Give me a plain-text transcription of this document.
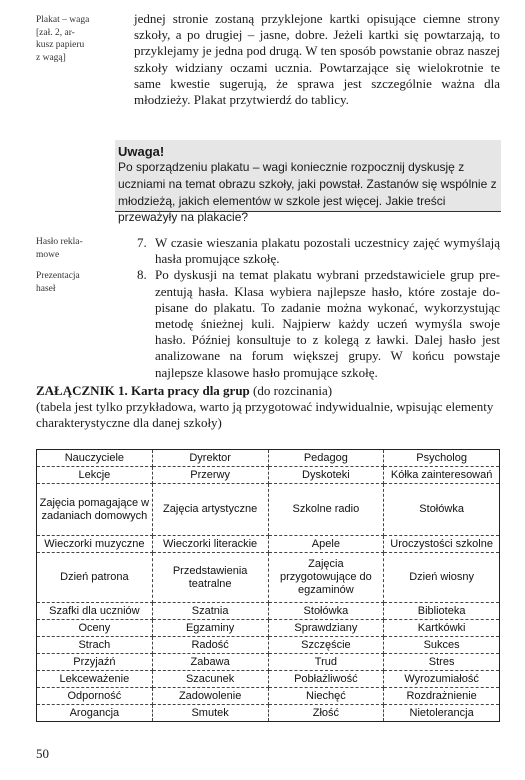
Plakat – waga
[zał. 2, ar-
kusz papieru
z wagą]
Hasło rekla-
mowe
Prezentacja
haseł

jednej stronie zostaną przyklejone kartki opisujące ciemne strony szkoły, a po drugiej – jasne, dobre. Jeżeli kartki się powtarzają, to przyklejamy je jedna pod drugą. W ten sposób powstanie obraz naszej szkoły widziany oczami ucznia. Powtarzające się wielokrotnie te same kwestie sugerują, że sprawa jest szczególnie ważna dla młodzieży. Plakat przytwierdź do tablicy.

Uwaga!
Po sporządzeniu plakatu – wagi koniecznie rozpocznij dyskusję z uczniami na temat obrazu szkoły, jaki powstał. Zastanów się wspólnie z młodzieżą, jakich elementów w szkole jest więcej. Jakie treści przeważyły na plakacie?
7. W czasie wieszania plakatu pozostali uczestnicy zajęć wymyślają hasła promujące szkołę.
8. Po dyskusji na temat plakatu wybrani przedstawiciele grup prezentują hasła. Klasa wybiera najlepsze hasło, które zostaje dopisane do plakatu. To zadanie można wykonać, wykorzystując metodę śnieżnej kuli. Najpierw każdy uczeń wymyśla swoje hasło. Później konsultuje to z kolegą z ławki. Dalej hasło jest analizowane na forum większej grupy. W końcu powstaje najlepsze klasowe hasło promujące szkołę.
ZAŁĄCZNIK 1. Karta pracy dla grup (do rozcinania)
(tabela jest tylko przykładowa, warto ją przygotować indywidualnie, wpisując elementy charakterystyczne dla danej szkoły)
Nauczyciele	Dyrektor	Pedagog	Psycholog
Lekcje	Przerwy	Dyskoteki	Kółka zainteresowań
Zajęcia pomagające w zadaniach domowych	Zajęcia artystyczne	Szkolne radio	Stołówka
Wieczorki muzyczne	Wieczorki literackie	Apele	Uroczystości szkolne
Dzień patrona	Przedstawienia teatralne	Zajęcia przygotowujące do egzaminów	Dzień wiosny
Szafki dla uczniów	Szatnia	Stołówka	Biblioteka
Oceny	Egzaminy	Sprawdziany	Kartkówki
Strach	Radość	Szczęście	Sukces
Przyjaźń	Zabawa	Trud	Stres
Lekceważenie	Szacunek	Pobłażliwość	Wyrozumiałość
Odporność	Zadowolenie	Niechęć	Rozdrażnienie
Arogancja	Smutek	Złość	Nietolerancja
50
